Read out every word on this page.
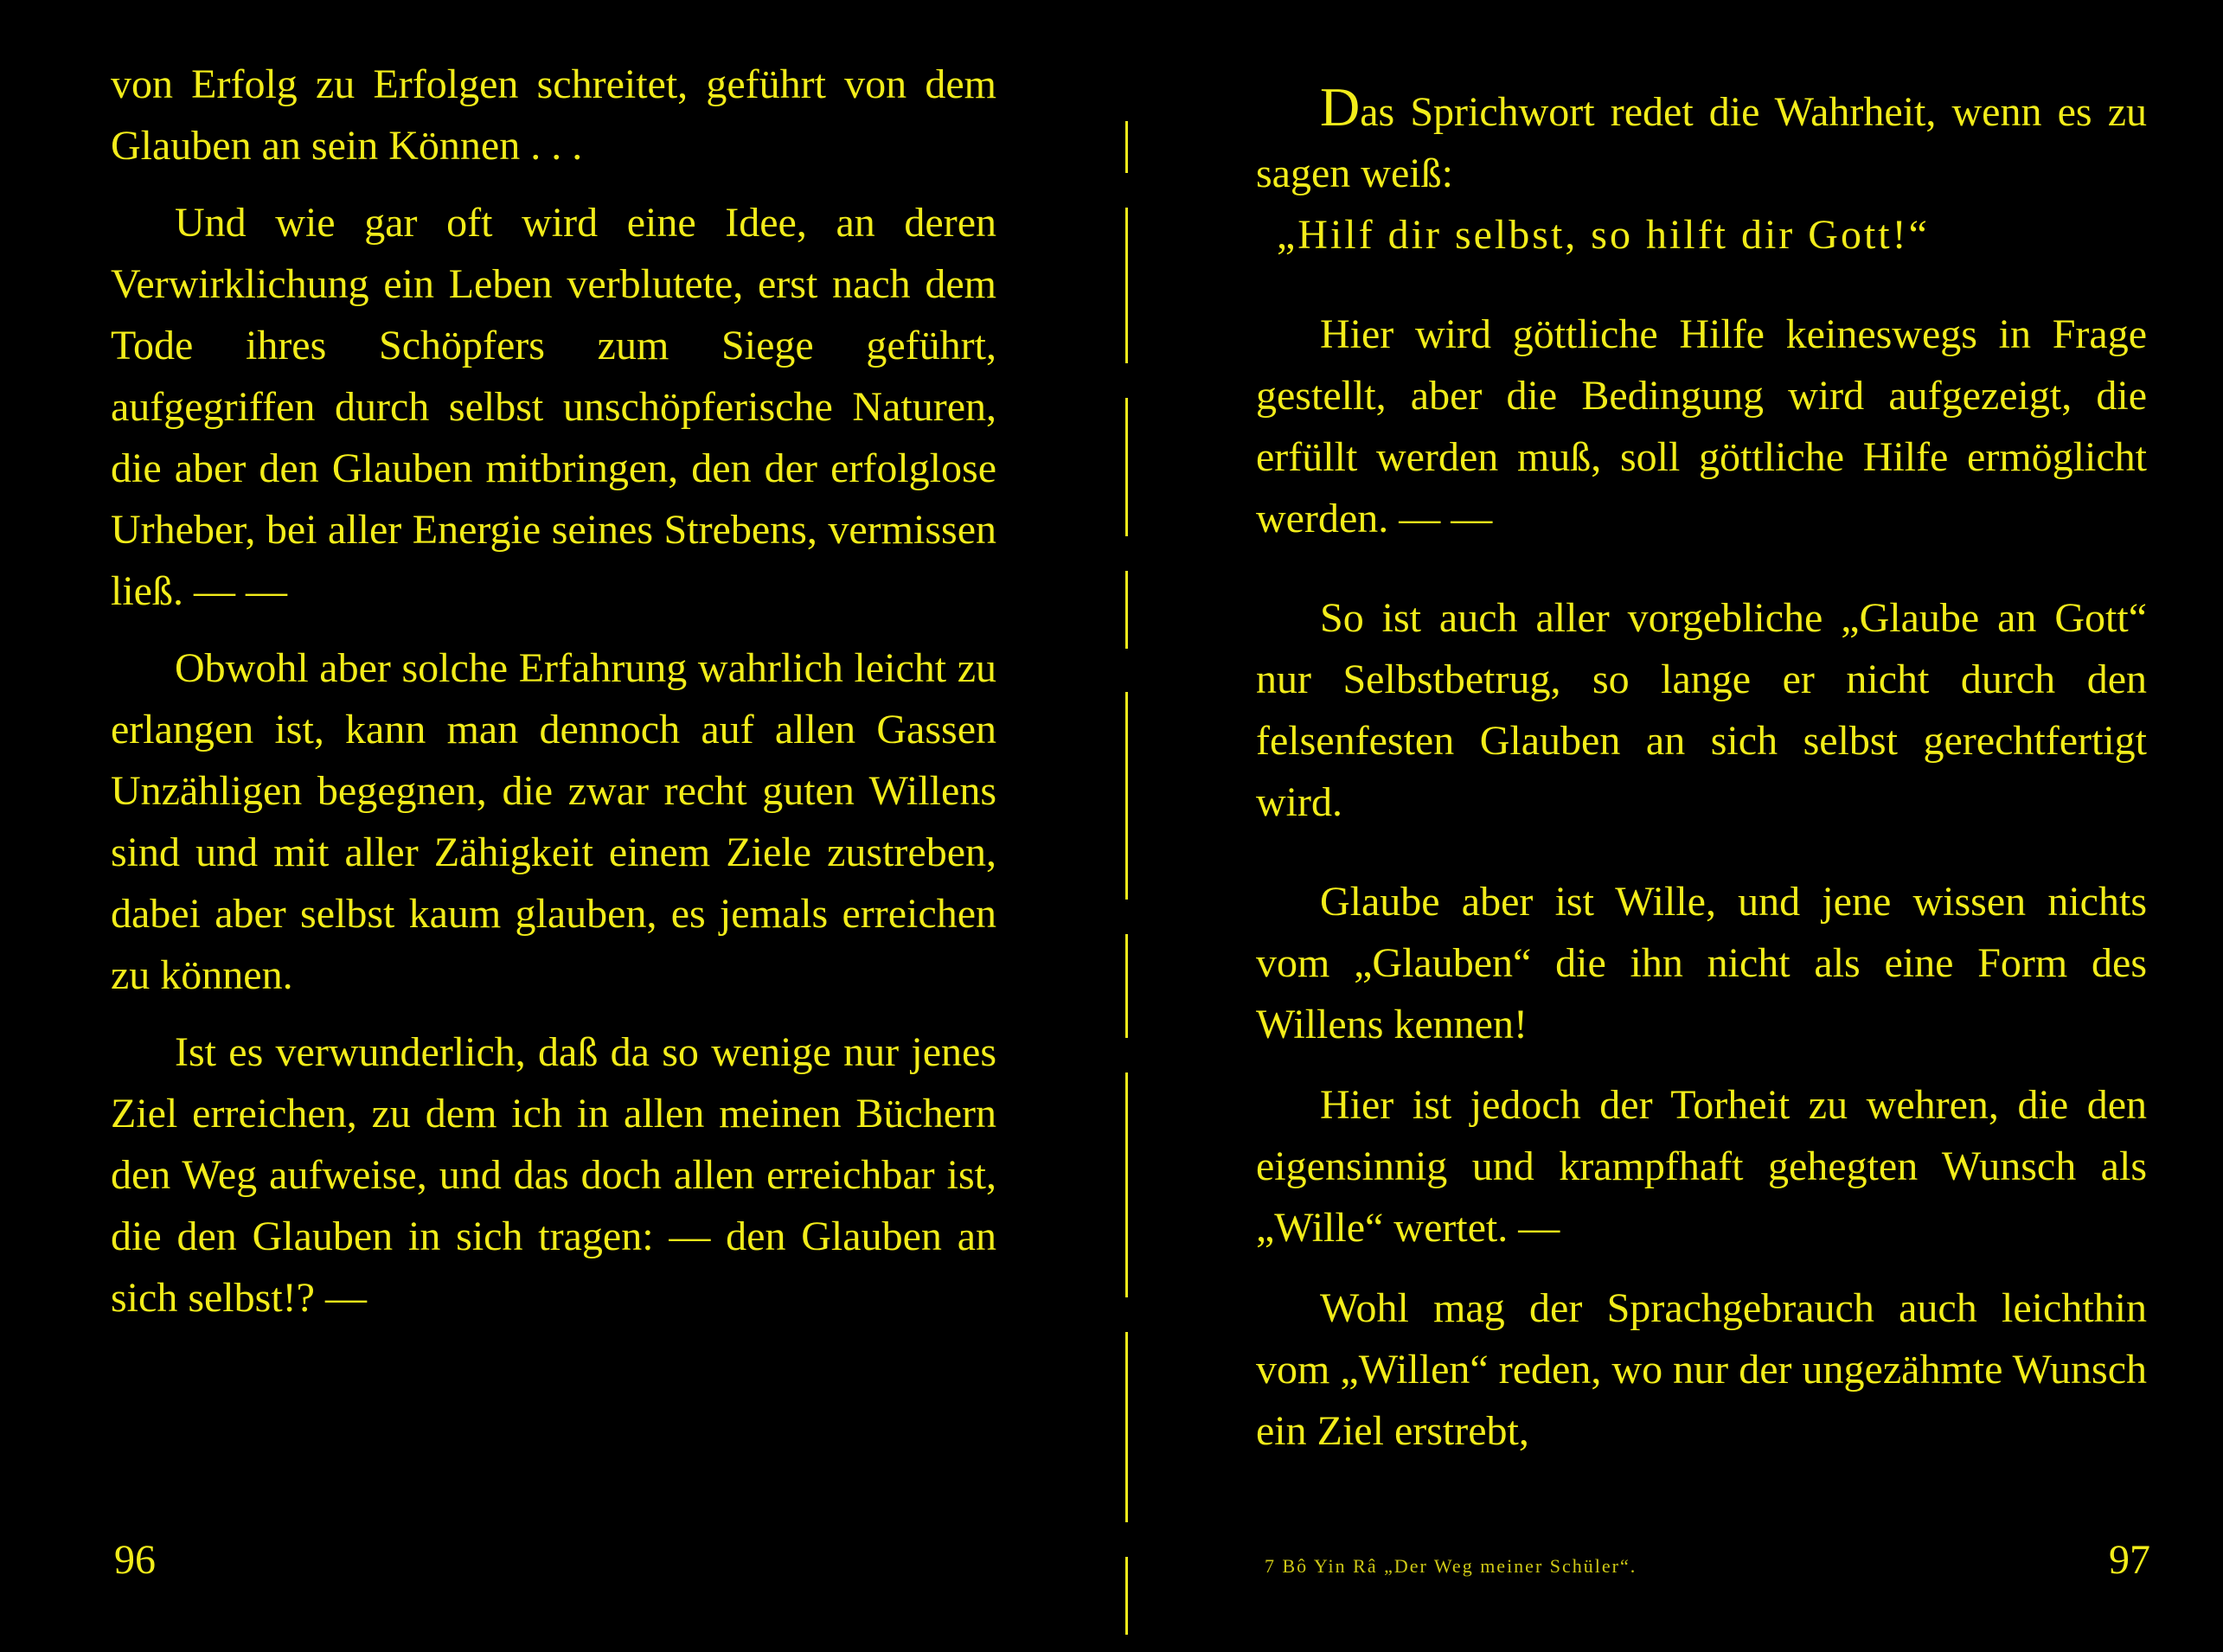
von Erfolg zu Erfolgen schreitet, geführt von dem Glauben an sein Können . . .

Und wie gar oft wird eine Idee, an deren Verwirklichung ein Leben verblutete, erst nach dem Tode ihres Schöpfers zum Siege geführt, aufgegriffen durch selbst unschöpferische Naturen, die aber den Glauben mitbringen, den der erfolglose Urheber, bei aller Energie seines Strebens, vermissen ließ. — —

Obwohl aber solche Erfahrung wahrlich leicht zu erlangen ist, kann man dennoch auf allen Gassen Unzähligen begegnen, die zwar recht guten Willens sind und mit aller Zähigkeit einem Ziele zustreben, dabei aber selbst kaum glauben, es jemals erreichen zu können.

Ist es verwunderlich, daß da so wenige nur jenes Ziel erreichen, zu dem ich in allen meinen Büchern den Weg aufweise, und das doch allen erreichbar ist, die den Glauben in sich tragen: — den Glauben an sich selbst!? —

96

Das Sprichwort redet die Wahrheit, wenn es zu sagen weiß:
„Hilf dir selbst, so hilft dir Gott!“

Hier wird göttliche Hilfe keineswegs in Frage gestellt, aber die Bedingung wird aufgezeigt, die erfüllt werden muß, soll göttliche Hilfe ermöglicht werden. — —

So ist auch aller vorgebliche „Glaube an Gott“ nur Selbstbetrug, so lange er nicht durch den felsenfesten Glauben an sich selbst gerechtfertigt wird.

Glaube aber ist Wille, und jene wissen nichts vom „Glauben“ die ihn nicht als eine Form des Willens kennen!

Hier ist jedoch der Torheit zu wehren, die den eigensinnig und krampfhaft gehegten Wunsch als „Wille“ wertet. —

Wohl mag der Sprachgebrauch auch leichthin vom „Willen“ reden, wo nur der ungezähmte Wunsch ein Ziel erstrebt,

7 Bô Yin Râ „Der Weg meiner Schüler“.	97
